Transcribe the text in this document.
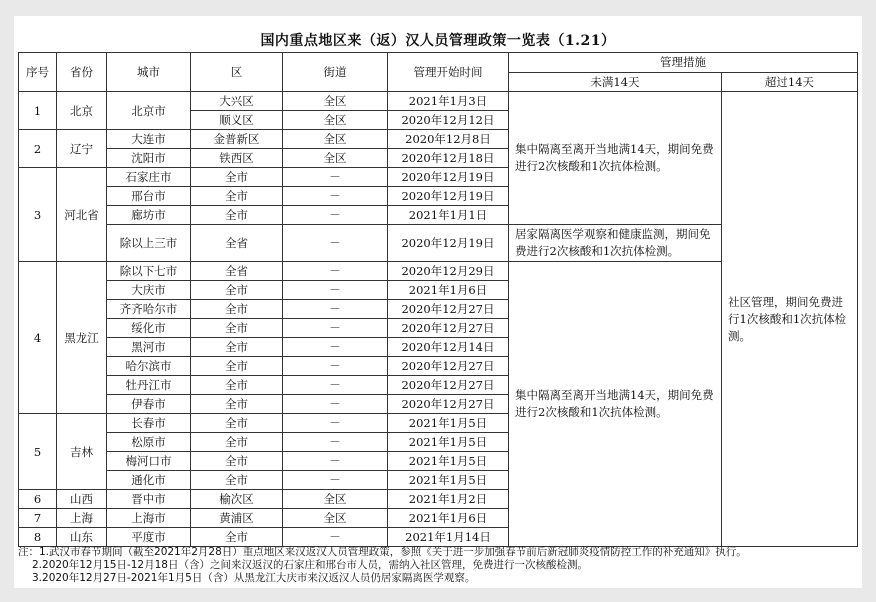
国内重点地区来（返）汉人员管理政策一览表（1.21）
序号	省份	城市	区	街道	管理开始时间	管理措施	
						未满14天	超过14天
1	北京	北京市	大兴区	全区	2021年1月3日	集中隔离至离开当地满14天，期间免费进行2次核酸和1次抗体检测。	社区管理，期间免费进行1次核酸和1次抗体检测。
			顺义区	全区	2020年12月12日		
2	辽宁	大连市	金普新区	全区	2020年12月8日		
		沈阳市	铁西区	全区	2020年12月18日		
3	河北省	石家庄市	全市	－	2020年12月19日		
		邢台市	全市	－	2020年12月19日		
		廊坊市	全市	－	2021年1月1日		
		除以上三市	全省	－	2020年12月19日	居家隔离医学观察和健康监测，期间免费进行2次核酸和1次抗体检测。	
4	黑龙江	除以下七市	全省	－	2020年12月29日	集中隔离至离开当地满14天，期间免费进行2次核酸和1次抗体检测。	
		大庆市	全市	－	2021年1月6日		
		齐齐哈尔市	全市	－	2020年12月27日		
		绥化市	全市	－	2020年12月27日		
		黑河市	全市	－	2020年12月14日		
		哈尔滨市	全市	－	2020年12月27日		
		牡丹江市	全市	－	2020年12月27日		
		伊春市	全市	－	2020年12月27日		
5	吉林	长春市	全市	－	2021年1月5日		
		松原市	全市	－	2021年1月5日		
		梅河口市	全市	－	2021年1月5日		
		通化市	全市	－	2021年1月5日		
6	山西	晋中市	榆次区	全区	2021年1月2日		
7	上海	上海市	黄浦区	全区	2021年1月6日		
8	山东	平度市	全市	－	2021年1月14日		
注：1.武汉市春节期间（截至2021年2月28日）重点地区来汉返汉人员管理政策，参照《关于进一步加强春节前后新冠肺炎疫情防控工作的补充通知》执行。
2.2020年12月15日-12月18日（含）之间来汉返汉的石家庄和邢台市人员，需纳入社区管理，免费进行一次核酸检测。
3.2020年12月27日-2021年1月5日（含）从黑龙江大庆市来汉返汉人员仍居家隔离医学观察。
